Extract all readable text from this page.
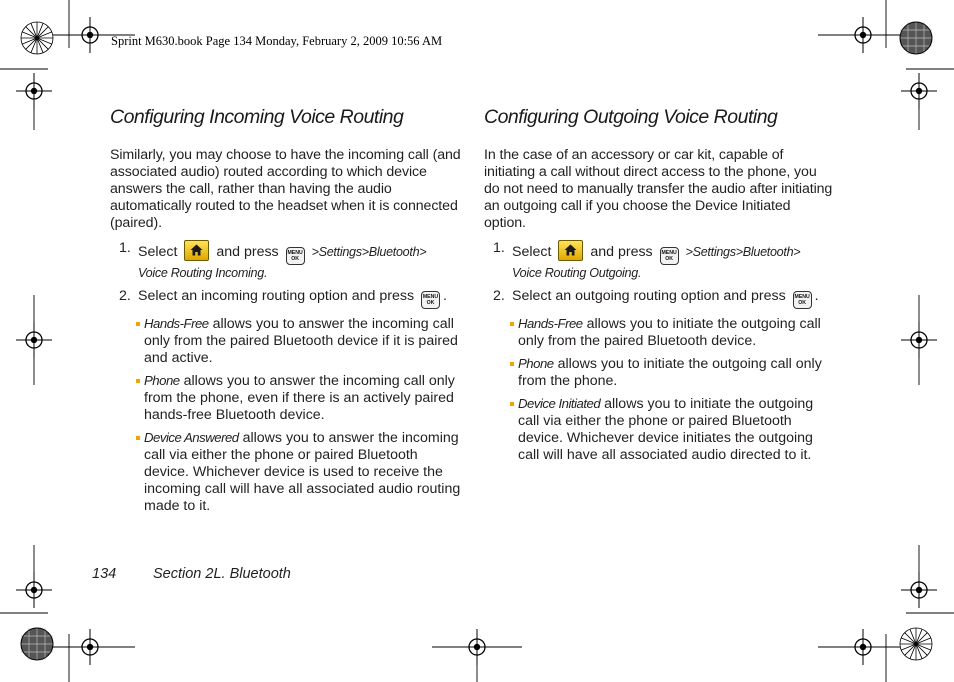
Sprint M630.book Page 134 Monday, February 2, 2009 10:56 AM
Configuring Incoming Voice Routing

Similarly, you may choose to have the incoming call (and associated audio) routed according to which device answers the call, rather than having the audio automatically routed to the headset when it is connected (paired).

1. Select	and press MENU
OK >Settings>Bluetooth>
Voice Routing Incoming.
2. Select an incoming routing option and press MENU
OK .
Hands-Free allows you to answer the incoming call only from the paired Bluetooth device if it is paired and active.
Phone allows you to answer the incoming call only from the phone, even if there is an actively paired hands-free Bluetooth device.
Device Answered allows you to answer the incoming call via either the phone or paired Bluetooth device. Whichever device is used to receive the incoming call will have all associated audio routing made to it.
Configuring Outgoing Voice Routing

In the case of an accessory or car kit, capable of initiating a call without direct access to the phone, you do not need to manually transfer the audio after initiating an outgoing call if you choose the Device Initiated option.

1. Select	and press MENU
OK >Settings>Bluetooth>
Voice Routing Outgoing.
2. Select an outgoing routing option and press MENU
OK .
Hands-Free allows you to initiate the outgoing call only from the paired Bluetooth device.
Phone allows you to initiate the outgoing call only from the phone.
Device Initiated allows you to initiate the outgoing call via either the phone or paired Bluetooth device. Whichever device initiates the outgoing call will have all associated audio directed to it.
134	Section 2L. Bluetooth
